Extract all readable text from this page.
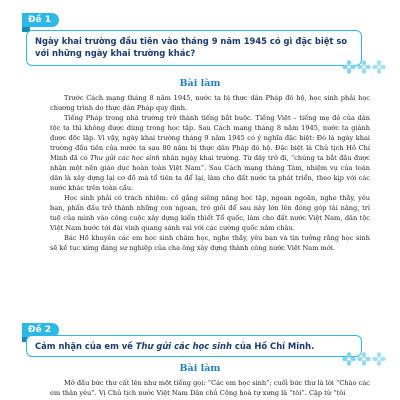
Đề 1
Ngày khai trường đầu tiên vào tháng 9 năm 1945 có gì đặc biệt so với những ngày khai trường khác?
Bài làm

Trước Cách mạng tháng 8 năm 1945, nước ta bị thực dân Pháp đô hộ, học sinh phải học chương trình do thực dân Pháp quy định.

Tiếng Pháp trong nhà trường trở thành tiếng bắt buộc. Tiếng Việt – tiếng mẹ đẻ của dân tộc ta thì không được dùng trong học tập. Sau Cách mạng tháng 8 năm 1945, nước ta giành được độc lập. Vì vậy, ngày khai trường tháng 9 năm 1945 có ý nghĩa đặc biệt: Đó là ngày khai trường đầu tiên của nước ta sau 80 năm bị thực dân Pháp đô hộ. Đặc biệt là Chủ tịch Hồ Chí Minh đã có Thư gửi các học sinh nhân ngày khai trường. Từ đây trở đi, “chúng ta bắt đầu được nhận một nền giáo dục hoàn toàn Việt Nam”. Sau Cách mạng tháng Tám, nhiệm vụ của toàn dân là xây dựng lại cơ đồ mà tổ tiên ta để lại, làm cho đất nước ta phát triển, theo kịp với các nước khác trên toàn cầu.

Học sinh phải có trách nhiệm: cố gắng siêng năng học tập, ngoan ngoãn, nghe thầy, yêu bạn, phấn đấu trở thành những con ngoan, trò giỏi để sau này lớn lên đóng góp tài năng, trí tuệ của mình vào công cuộc xây dựng kiến thiết Tổ quốc, làm cho đất nước Việt Nam, dân tộc Việt Nam bước tới đài vinh quang sánh vai với các cường quốc năm châu.

Bác Hồ khuyên các em học sinh chăm học, nghe thầy, yêu bạn và tin tưởng rằng học sinh sẽ kế tục xứng đáng sự nghiệp của cha ông xây dựng thành công nước Việt Nam mới.

Đề 2
Cảm nhận của em về Thư gửi các học sinh của Hồ Chí Minh.
Bài làm

Mở đầu bức thư cất lên như một tiếng gọi: “Các em học sinh”; cuối bức thư là lời “Chào các em thân yêu”. Vị Chủ tịch nước Việt Nam Dân chủ Cộng hoà tự xưng là “tôi”. Cặp từ “tôi
